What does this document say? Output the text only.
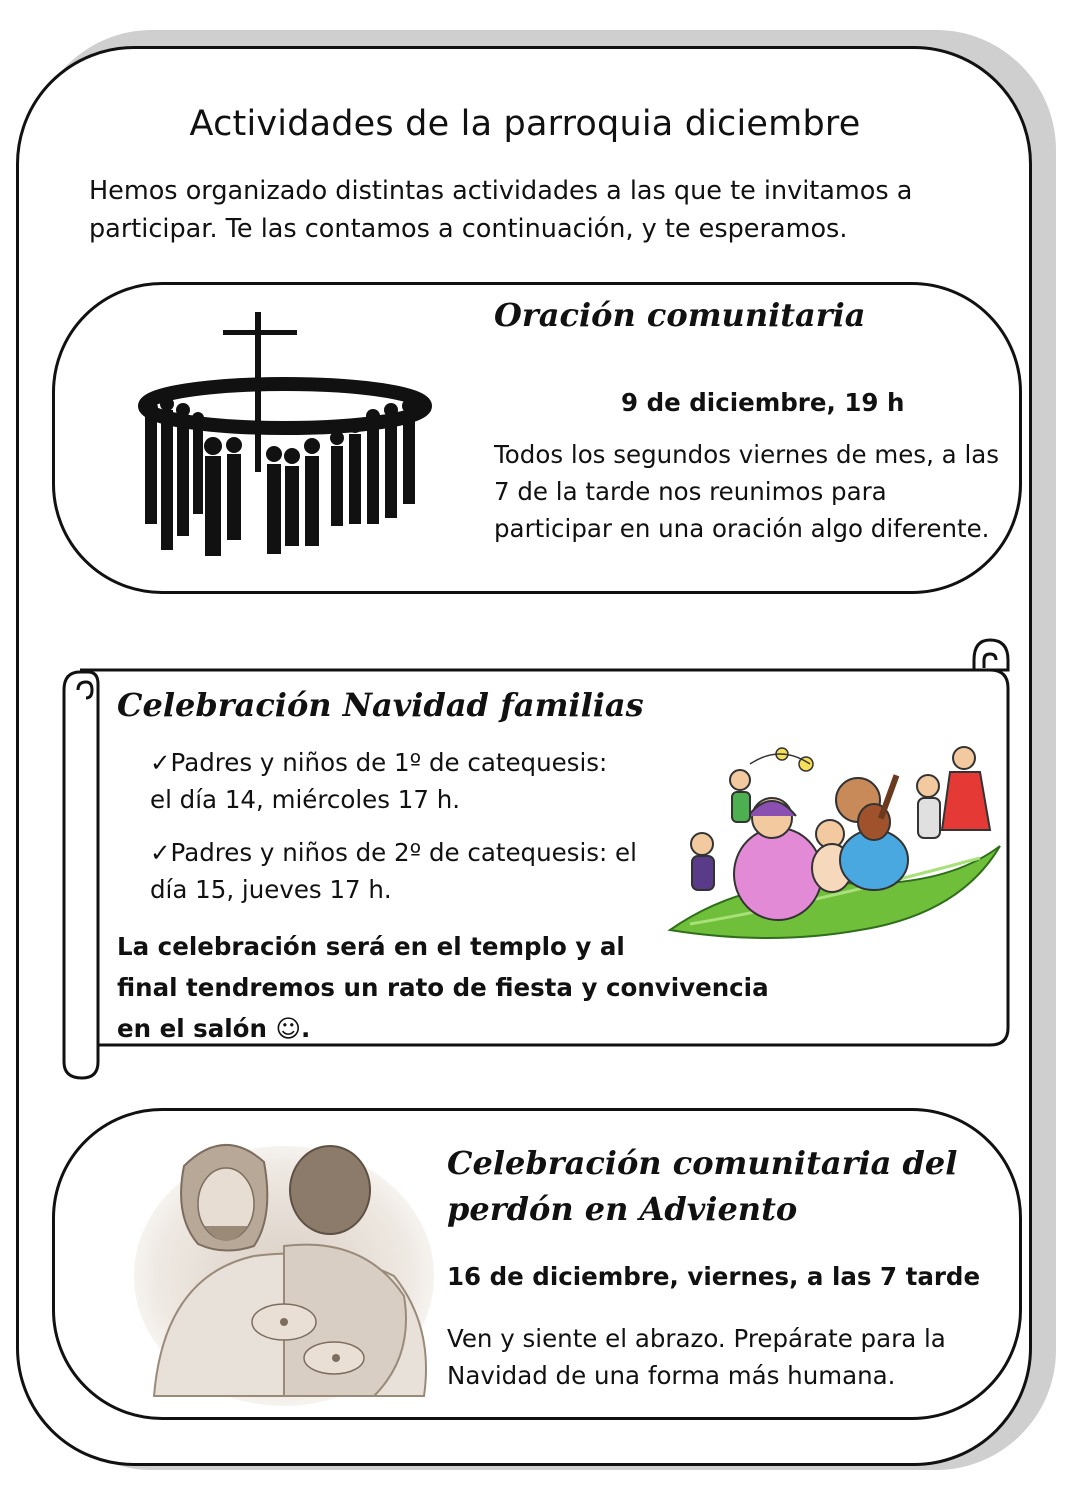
Actividades de la parroquia diciembre
Hemos organizado distintas actividades a las que te invitamos a
participar. Te las contamos a continuación, y te esperamos.
Oración comunitaria
9 de diciembre, 19 h
Todos los segundos viernes de mes, a las
7 de la tarde nos reunimos para
participar en una oración algo diferente.
Celebración Navidad familias
✓Padres y niños de 1º de catequesis:
el día 14, miércoles 17 h.
✓Padres y niños de 2º de catequesis: el
día 15, jueves 17 h.
La celebración será en el templo y al
final tendremos un rato de fiesta y convivencia
en el salón ☺.
Celebración comunitaria del
perdón en Adviento
16 de diciembre, viernes, a las 7 tarde
Ven y siente el abrazo. Prepárate para la
Navidad de una forma más humana.
